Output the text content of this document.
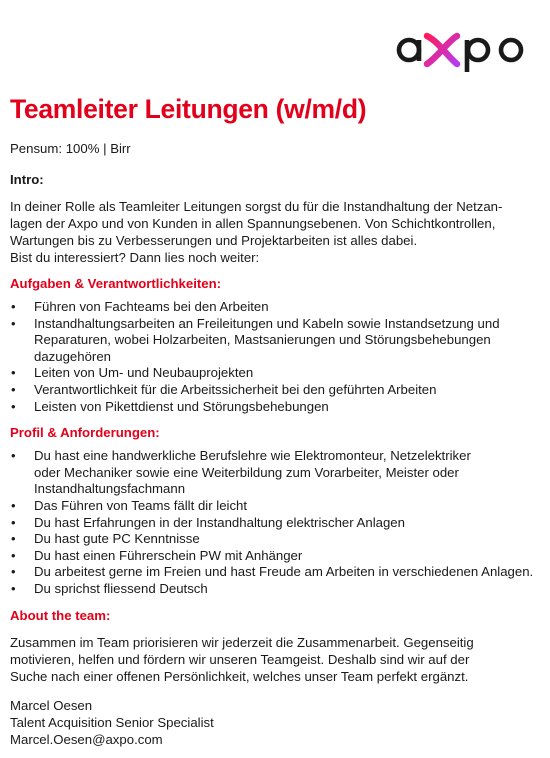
Teamleiter Leitungen (w/m/d)
Pensum: 100% | Birr
Intro:

In deiner Rolle als Teamleiter Leitungen sorgst du für die Instandhaltung der Netzan-

lagen der Axpo und von Kunden in allen Spannungsebenen. Von Schichtkontrollen,

Wartungen bis zu Verbesserungen und Projektarbeiten ist alles dabei.

Bist du interessiert? Dann lies noch weiter:

Aufgaben & Verantwortlichkeiten:
• Führen von Fachteams bei den Arbeiten
• Instandhaltungsarbeiten an Freileitungen und Kabeln sowie Instandsetzung und
Reparaturen, wobei Holzarbeiten, Mastsanierungen und Störungsbehebungen
dazugehören
• Leiten von Um- und Neubauprojekten
• Verantwortlichkeit für die Arbeitssicherheit bei den geführten Arbeiten
• Leisten von Pikettdienst und Störungsbehebungen
Profil & Anforderungen:
• Du hast eine handwerkliche Berufslehre wie Elektromonteur, Netzelektriker
oder Mechaniker sowie eine Weiterbildung zum Vorarbeiter, Meister oder
Instandhaltungsfachmann
• Das Führen von Teams fällt dir leicht
• Du hast Erfahrungen in der Instandhaltung elektrischer Anlagen
• Du hast gute PC Kenntnisse
• Du hast einen Führerschein PW mit Anhänger
• Du arbeitest gerne im Freien und hast Freude am Arbeiten in verschiedenen Anlagen.
• Du sprichst fliessend Deutsch
About the team:

Zusammen im Team priorisieren wir jederzeit die Zusammenarbeit. Gegenseitig

motivieren, helfen und fördern wir unseren Teamgeist. Deshalb sind wir auf der

Suche nach einer offenen Persönlichkeit, welches unser Team perfekt ergänzt.

Marcel Oesen

Talent Acquisition Senior Specialist

Marcel.Oesen@axpo.com
